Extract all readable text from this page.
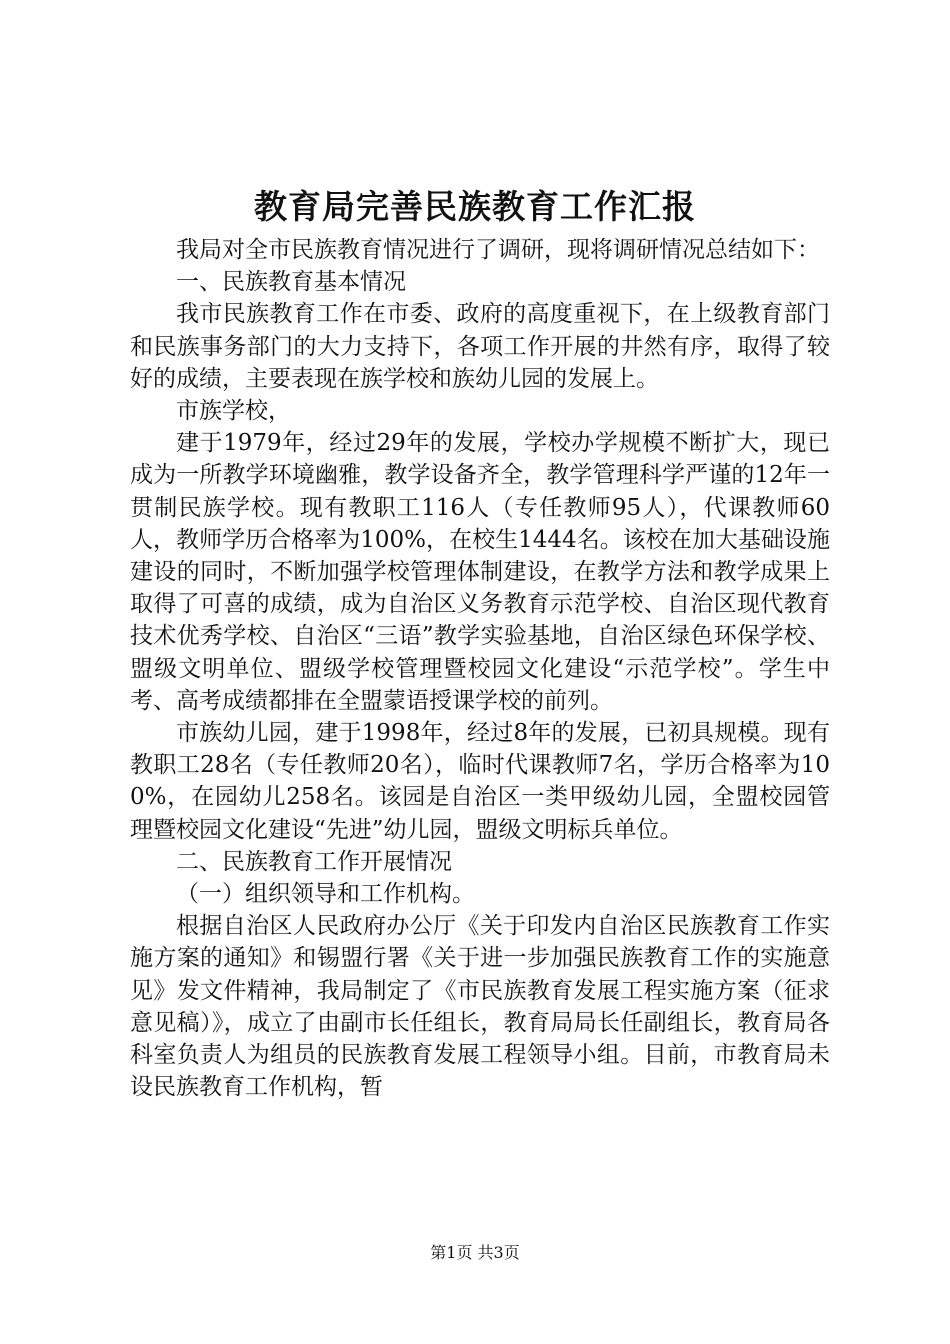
教育局完善民族教育工作汇报

我局对全市民族教育情况进行了调研，现将调研情况总结如下：

一、民族教育基本情况

我市民族教育工作在市委、政府的高度重视下，在上级教育部门和民族事务部门的大力支持下，各项工作开展的井然有序，取得了较好的成绩，主要表现在族学校和族幼儿园的发展上。

市族学校，

建于1979年，经过29年的发展，学校办学规模不断扩大，现已成为一所教学环境幽雅，教学设备齐全，教学管理科学严谨的12年一贯制民族学校。现有教职工116人（专任教师95人），代课教师60人，教师学历合格率为100%，在校生1444名。该校在加大基础设施建设的同时，不断加强学校管理体制建设，在教学方法和教学成果上取得了可喜的成绩，成为自治区义务教育示范学校、自治区现代教育技术优秀学校、自治区“三语”教学实验基地，自治区绿色环保学校、盟级文明单位、盟级学校管理暨校园文化建设“示范学校”。学生中考、高考成绩都排在全盟蒙语授课学校的前列。

市族幼儿园，建于1998年，经过8年的发展，已初具规模。现有教职工28名（专任教师20名），临时代课教师7名，学历合格率为100%，在园幼儿258名。该园是自治区一类甲级幼儿园，全盟校园管理暨校园文化建设“先进”幼儿园，盟级文明标兵单位。

二、民族教育工作开展情况

（一）组织领导和工作机构。

根据自治区人民政府办公厅《关于印发内自治区民族教育工作实施方案的通知》和锡盟行署《关于进一步加强民族教育工作的实施意见》发文件精神，我局制定了《市民族教育发展工程实施方案（征求意见稿）》，成立了由副市长任组长，教育局局长任副组长，教育局各科室负责人为组员的民族教育发展工程领导小组。目前，市教育局未设民族教育工作机构，暂

第1页 共3页
